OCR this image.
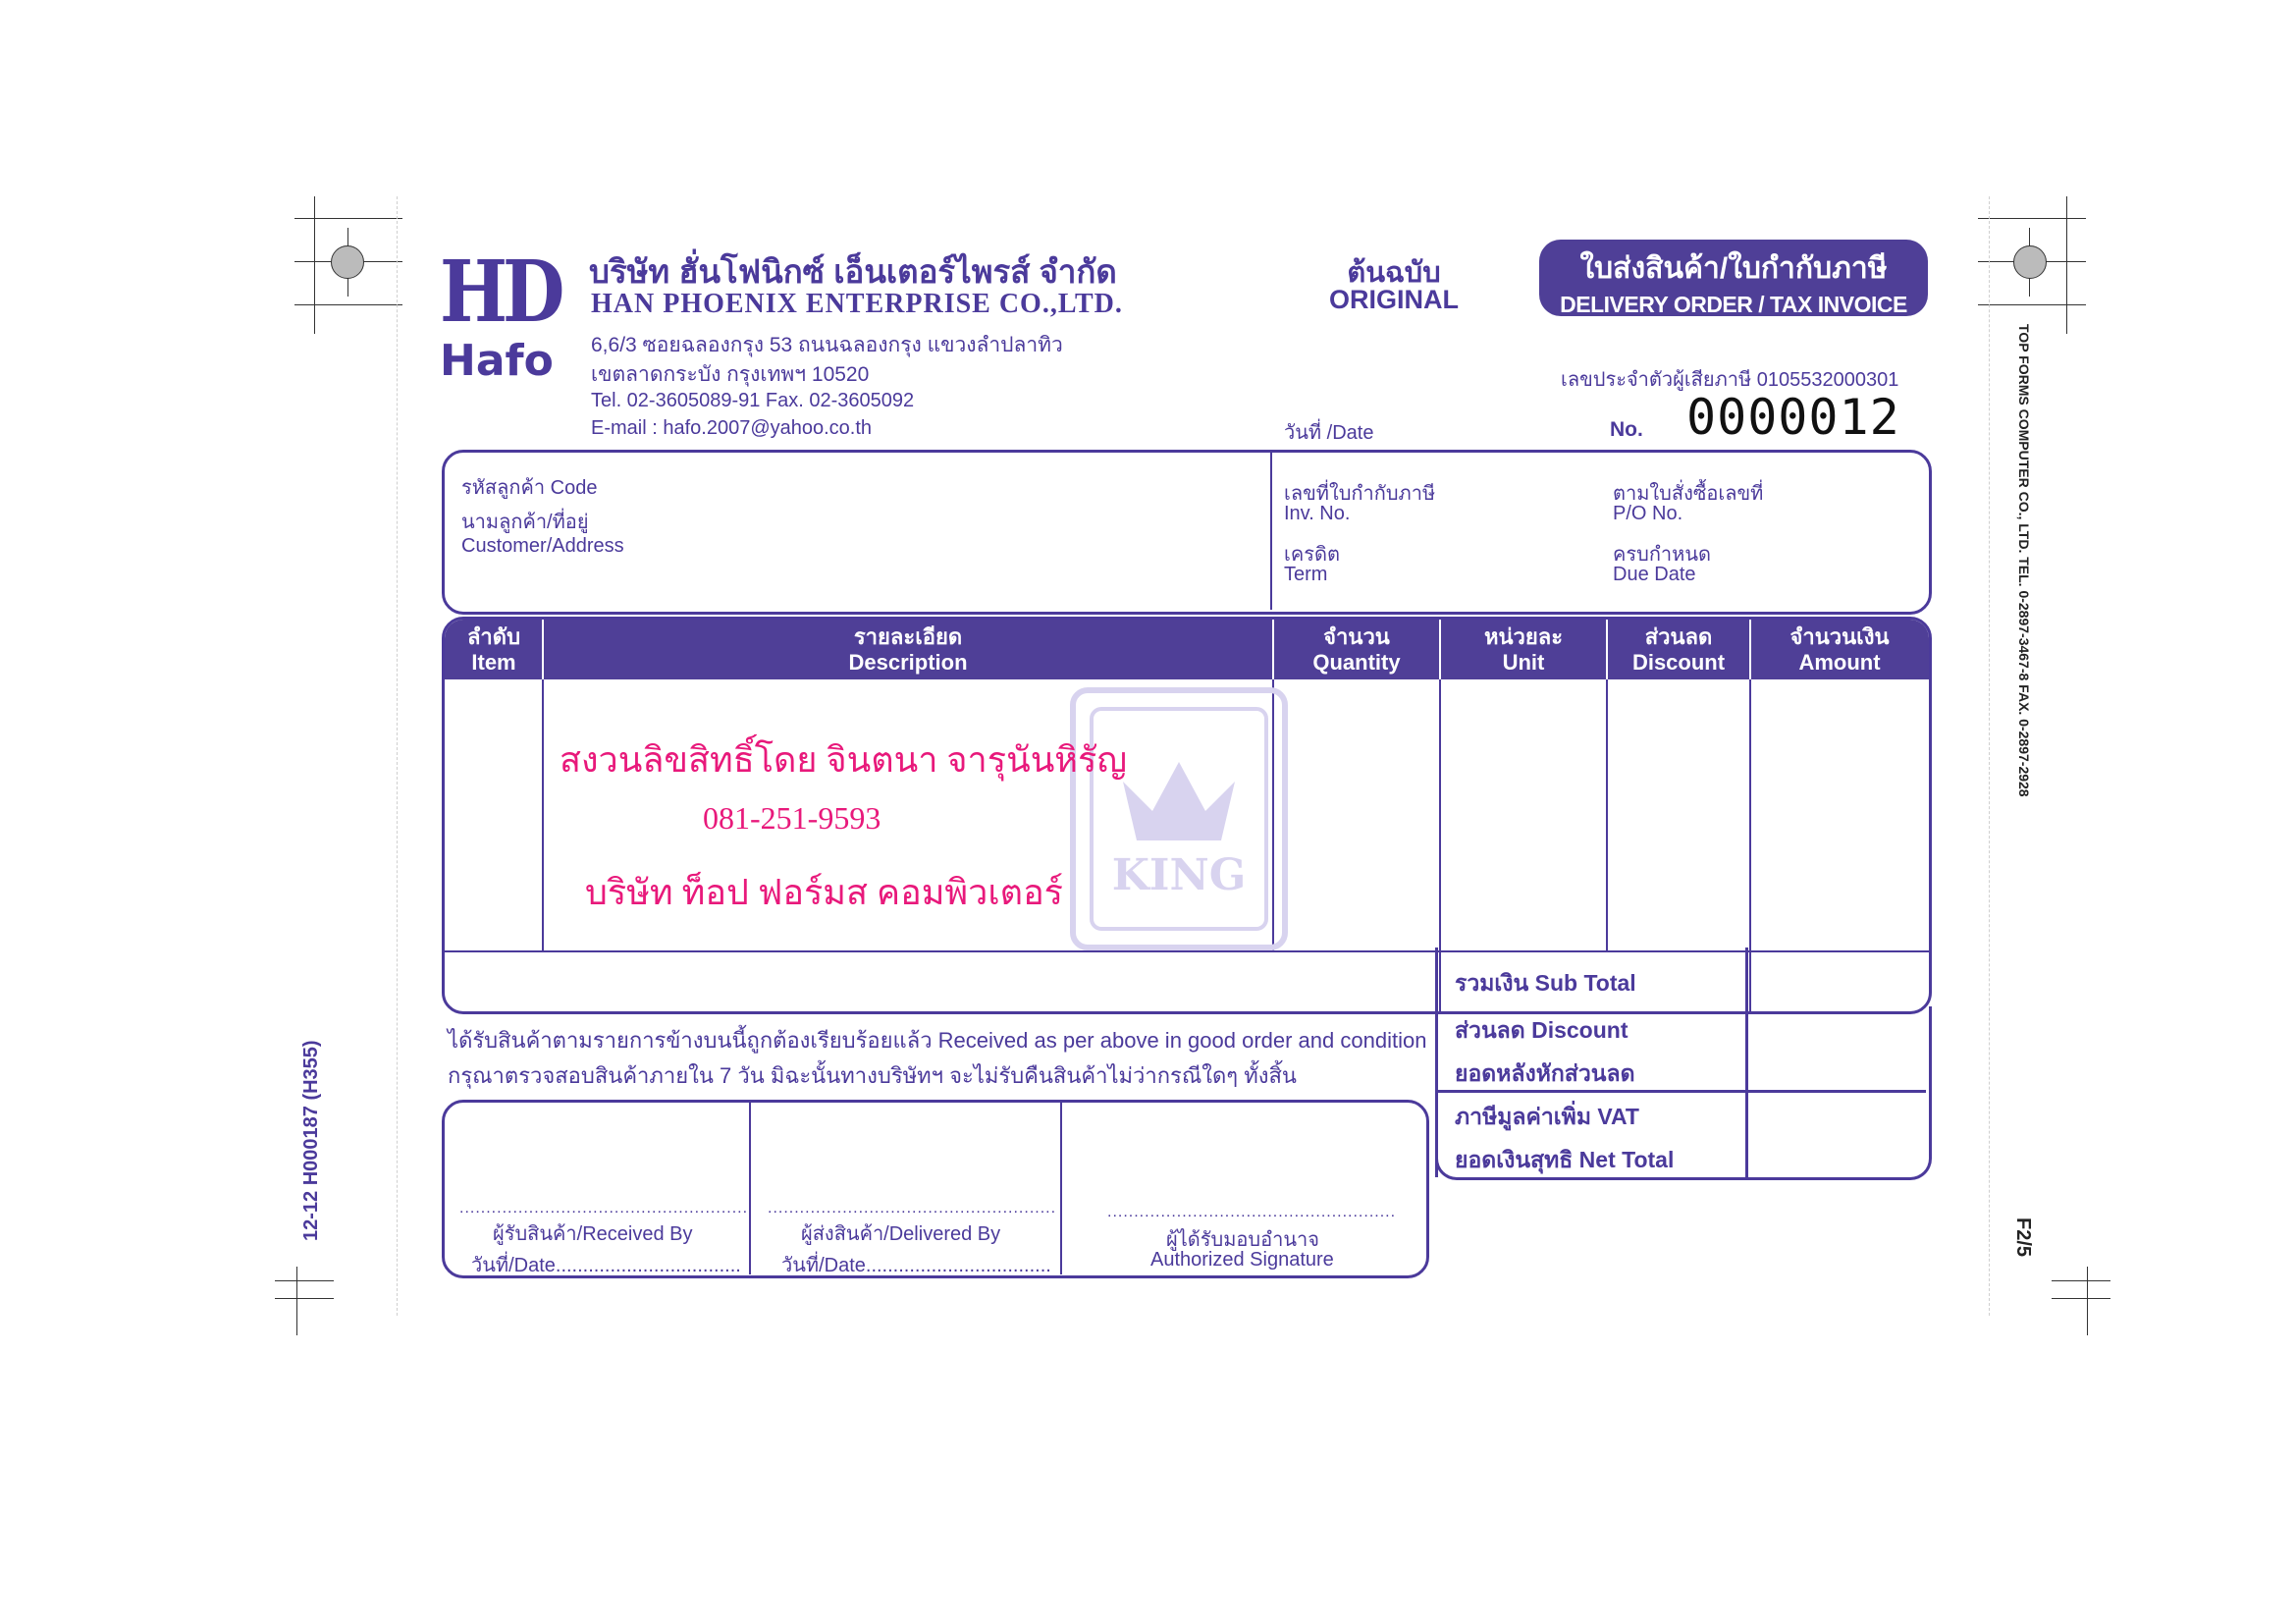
HD
Hafo
บริษัท ฮั่นโฟนิกซ์ เอ็นเตอร์ไพรส์ จำกัด
HAN PHOENIX ENTERPRISE CO.,LTD.
6,6/3 ซอยฉลองกรุง 53 ถนนฉลองกรุง แขวงลำปลาทิว
เขตลาดกระบัง กรุงเทพฯ 10520
Tel. 02-3605089-91 Fax. 02-3605092
E-mail : hafo.2007@yahoo.co.th
ต้นฉบับ
ORIGINAL
ใบส่งสินค้า/ใบกำกับภาษี
DELIVERY ORDER / TAX INVOICE
เลขประจำตัวผู้เสียภาษี 0105532000301
วันที่ /Date	No. 0000012
รหัสลูกค้า Code
นามลูกค้า/ที่อยู่
Customer/Address
เลขที่ใบกำกับภาษี
Inv. No.
ตามใบสั่งซื้อเลขที่
P/O No.
เครดิต
Term
ครบกำหนด
Due Date
ลำดับ
Item
รายละเอียด
Description
จำนวน
Quantity
หน่วยละ
Unit
ส่วนลด
Discount
จำนวนเงิน
Amount
KING
สงวนลิขสิทธิ์โดย จินตนา จารุนันหิรัญ
081-251-9593
บริษัท ท็อป ฟอร์มส คอมพิวเตอร์
รวมเงิน Sub Total
ส่วนลด Discount
ยอดหลังหักส่วนลด
ภาษีมูลค่าเพิ่ม VAT
ยอดเงินสุทธิ Net Total
ได้รับสินค้าตามรายการข้างบนนี้ถูกต้องเรียบร้อยแล้ว Received as per above in good order and condition
กรุณาตรวจสอบสินค้าภายใน 7 วัน มิฉะนั้นทางบริษัทฯ จะไม่รับคืนสินค้าไม่ว่ากรณีใดๆ ทั้งสิ้น
......................................................
ผู้รับสินค้า/Received By
วันที่/Date..................................
......................................................
ผู้ส่งสินค้า/Delivered By
วันที่/Date..................................
......................................................
ผู้ได้รับมอบอำนาจ
Authorized Signature
TOP FORMS COMPUTER CO., LTD. TEL. 0-2897-3467-8 FAX. 0-2897-2928
12-12 H000187 (H355)	F2/5
